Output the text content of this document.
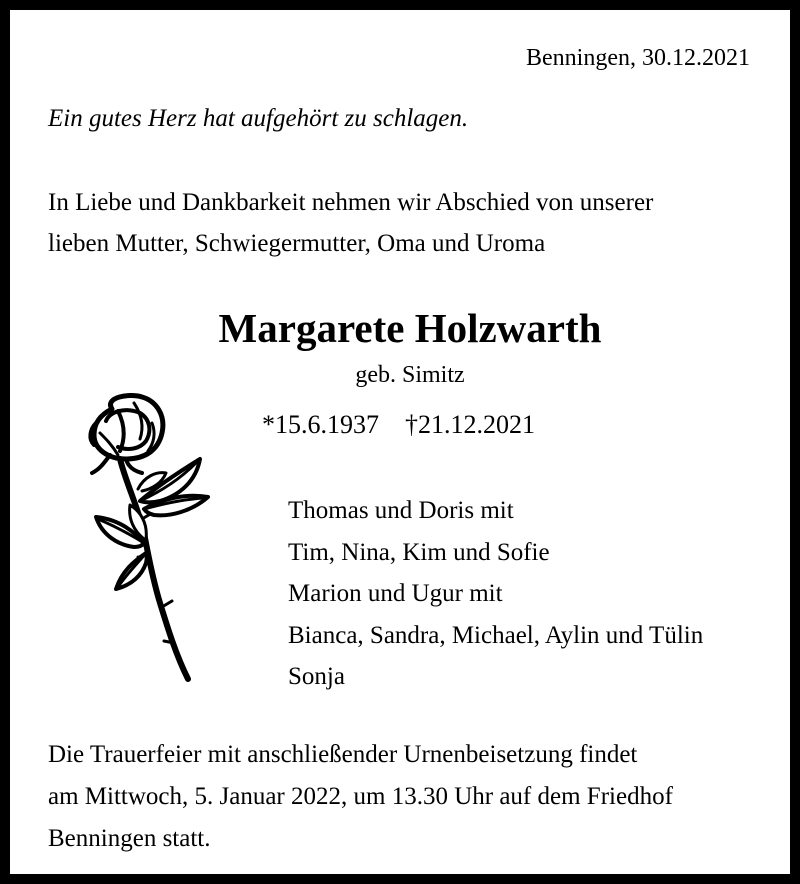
Benningen, 30.12.2021
Ein gutes Herz hat aufgehört zu schlagen.
In Liebe und Dankbarkeit nehmen wir Abschied von unserer
lieben Mutter, Schwiegermutter, Oma und Uroma
Margarete Holzwarth
geb. Simitz
*15.6.1937 †21.12.2021
Thomas und Doris mit
Tim, Nina, Kim und Sofie
Marion und Ugur mit
Bianca, Sandra, Michael, Aylin und Tülin
Sonja
Die Trauerfeier mit anschließender Urnenbeisetzung findet
am Mittwoch, 5. Januar 2022, um 13.30 Uhr auf dem Friedhof
Benningen statt.
